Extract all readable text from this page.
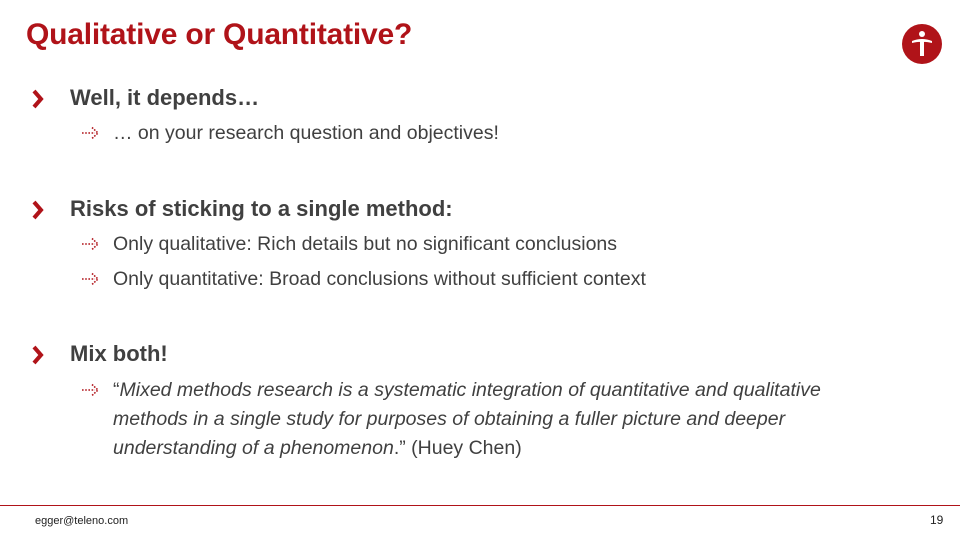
Qualitative or Quantitative?
Well, it depends…
… on your research question and objectives!
Risks of sticking to a single method:
Only qualitative: Rich details but no significant conclusions
Only quantitative: Broad conclusions without sufficient context
Mix both!
“Mixed methods research is a systematic integration of quantitative and qualitative methods in a single study for purposes of obtaining a fuller picture and deeper understanding of a phenomenon.” (Huey Chen)
egger@teleno.com	19
